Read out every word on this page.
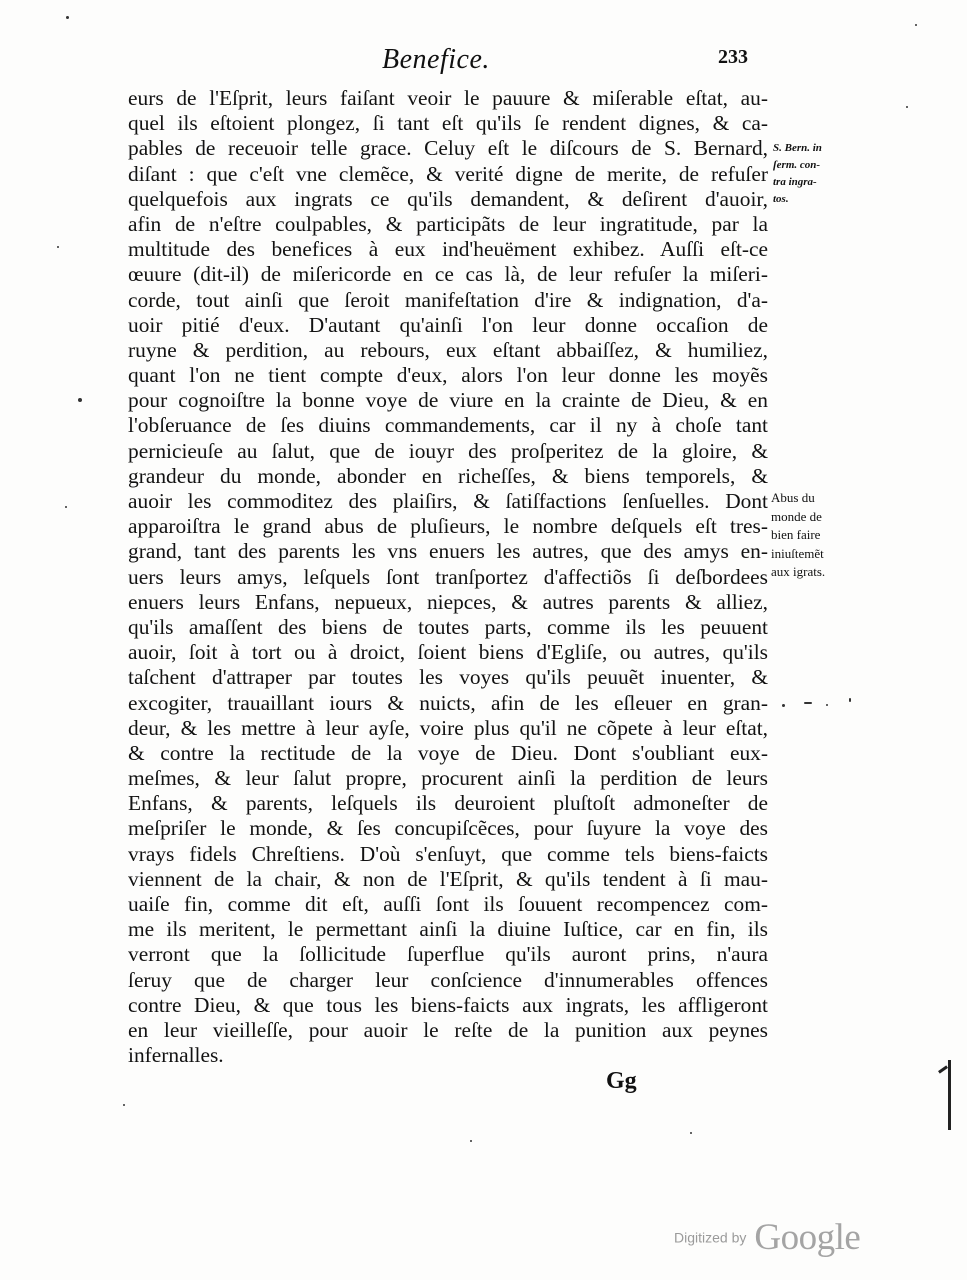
Benefice.	233
eurs de l'Eſprit, leurs faiſant veoir le pauure & miſerable eſtat, au-
quel ils eſtoient plongez, ſi tant eſt qu'ils ſe rendent dignes, & ca-
pables de receuoir telle grace. Celuy eſt le diſcours de S. Bernard,
diſant : que c'eſt vne clemẽce, & verité digne de merite, de refuſer
quelquefois aux ingrats ce qu'ils demandent, & deſirent d'auoir,
afin de n'eſtre coulpables, & participãts de leur ingratitude, par la
multitude des benefices à eux ind'heuëment exhibez. Auſſi eſt-ce
œuure (dit-il) de miſericorde en ce cas là, de leur refuſer la miſeri-
corde, tout ainſi que ſeroit manifeſtation d'ire & indignation, d'a-
uoir pitié d'eux. D'autant qu'ainſi l'on leur donne occaſion de
ruyne & perdition, au rebours, eux eſtant abbaiſſez, & humiliez,
quant l'on ne tient compte d'eux, alors l'on leur donne les moyẽs
pour cognoiſtre la bonne voye de viure en la crainte de Dieu, & en
l'obſeruance de ſes diuins commandements, car il ny à choſe tant
pernicieuſe au ſalut, que de iouyr des proſperitez de la gloire, &
grandeur du monde, abonder en richeſſes, & biens temporels, &
auoir les commoditez des plaiſirs, & ſatiſfactions ſenſuelles. Dont
apparoiſtra le grand abus de pluſieurs, le nombre deſquels eſt tres-
grand, tant des parents les vns enuers les autres, que des amys en-
uers leurs amys, leſquels ſont tranſportez d'affectiõs ſi deſbordees
enuers leurs Enfans, nepueux, niepces, & autres parents & alliez,
qu'ils amaſſent des biens de toutes parts, comme ils les peuuent
auoir, ſoit à tort ou à droict, ſoient biens d'Egliſe, ou autres, qu'ils
taſchent d'attraper par toutes les voyes qu'ils peuuẽt inuenter, &
excogiter, trauaillant iours & nuicts, afin de les eſleuer en gran-
deur, & les mettre à leur ayſe, voire plus qu'il ne cõpete à leur eſtat,
& contre la rectitude de la voye de Dieu. Dont s'oubliant eux-
meſmes, & leur ſalut propre, procurent ainſi la perdition de leurs
Enfans, & parents, leſquels ils deuroient pluſtoſt admoneſter de
meſpriſer le monde, & ſes concupiſcẽces, pour ſuyure la voye des
vrays fidels Chreſtiens. D'où s'enſuyt, que comme tels biens-faicts
viennent de la chair, & non de l'Eſprit, & qu'ils tendent à ſi mau-
uaiſe fin, comme dit eſt, auſſi ſont ils ſouuent recompencez com-
me ils meritent, le permettant ainſi la diuine Iuſtice, car en fin, ils
verront que la ſollicitude ſuperflue qu'ils auront prins, n'aura
ſeruy que de charger leur conſcience d'innumerables offences
contre Dieu, & que tous les biens-faicts aux ingrats, les affligeront
en leur vieilleſſe, pour auoir le reſte de la punition aux peynes
infernalles.
S. Bern. in
ſerm. con-
tra ingra-
tos.
Abus du
monde de
bien faire
iniuſtemẽt
aux igrats.
Gg
Digitized by Google
